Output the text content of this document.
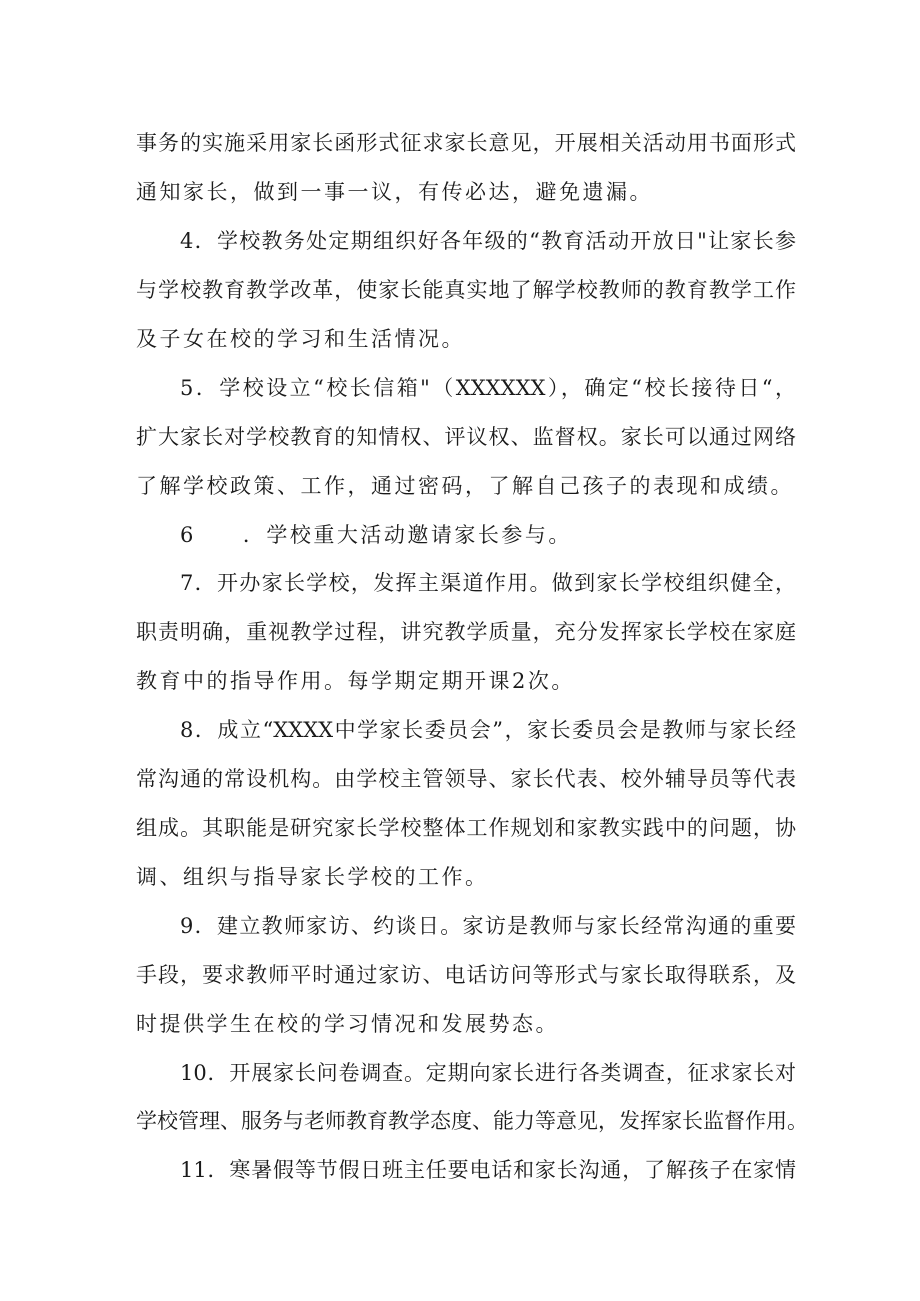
事务的实施采用家长函形式征求家长意见，开展相关活动用书面形式
通知家长，做到一事一议，有传必达，避免遗漏。
4．学校教务处定期组织好各年级的“教育活动开放日"让家长参
与学校教育教学改革，使家长能真实地了解学校教师的教育教学工作
及子女在校的学习和生活情况。
5．学校设立“校长信箱"（XXXXXX），确定“校长接待日“，
扩大家长对学校教育的知情权、评议权、监督权。家长可以通过网络
了解学校政策、工作，通过密码，了解自己孩子的表现和成绩。
6　　．学校重大活动邀请家长参与。
7．开办家长学校，发挥主渠道作用。做到家长学校组织健全，
职责明确，重视教学过程，讲究教学质量，充分发挥家长学校在家庭
教育中的指导作用。每学期定期开课2次。
8．成立“XXXX中学家长委员会”，家长委员会是教师与家长经
常沟通的常设机构。由学校主管领导、家长代表、校外辅导员等代表
组成。其职能是研究家长学校整体工作规划和家教实践中的问题，协
调、组织与指导家长学校的工作。
9．建立教师家访、约谈日。家访是教师与家长经常沟通的重要
手段，要求教师平时通过家访、电话访问等形式与家长取得联系，及
时提供学生在校的学习情况和发展势态。
10．开展家长问卷调查。定期向家长进行各类调查，征求家长对
学校管理、服务与老师教育教学态度、能力等意见，发挥家长监督作用。
11．寒暑假等节假日班主任要电话和家长沟通，了解孩子在家情
